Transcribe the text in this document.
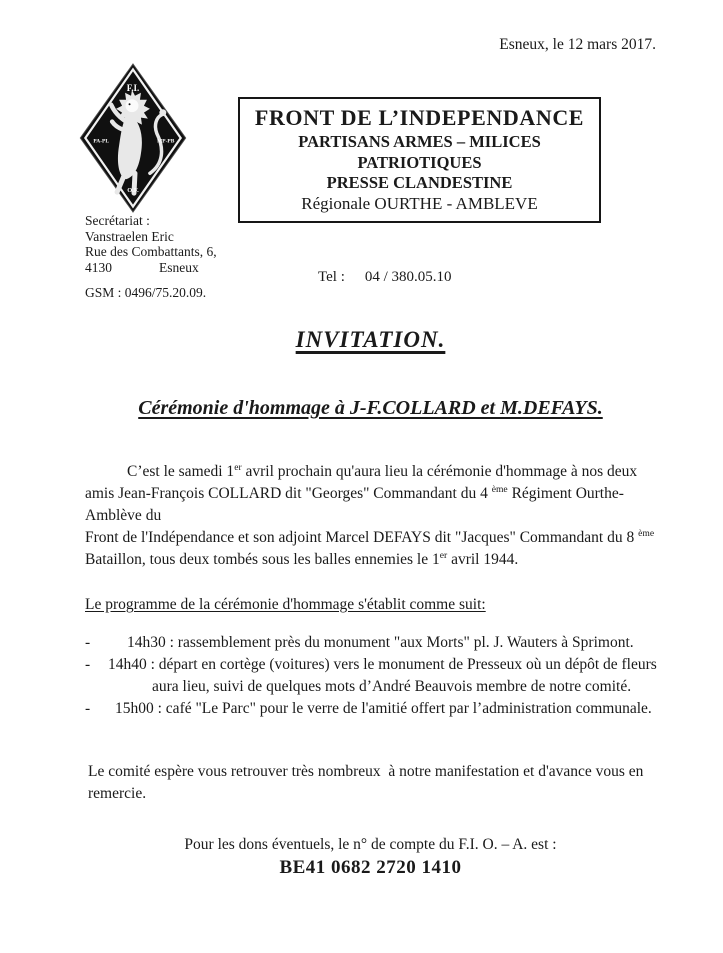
Esneux, le 12 mars 2017.
F.I.
PA-PL	MP-PB
O.F.
FRONT DE L’INDEPENDANCE
PARTISANS ARMES – MILICES PATRIOTIQUES
PRESSE CLANDESTINE
Régionale OURTHE - AMBLEVE
Secrétariat :
Vanstraelen Eric
Rue des Combattants, 6,
4130	Esneux
GSM : 0496/75.20.09.
Tel : 04 / 380.05.10
INVITATION.
Cérémonie d'hommage à J-F.COLLARD et M.DEFAYS.
C’est le samedi 1er avril prochain qu'aura lieu la cérémonie d'hommage à nos deux amis Jean-François COLLARD dit "Georges" Commandant du 4 $^{ème}$ Régiment Ourthe-Amblève du
Front de l'Indépendance et son adjoint Marcel DEFAYS dit "Jacques" Commandant du 8 $^{ème}$ Bataillon, tous deux tombés sous les balles ennemies le 1er avril 1944.
Le programme de la cérémonie d'hommage s'établit comme suit:
-	14h30 : rassemblement près du monument "aux Morts" pl. J. Wauters à Sprimont.
-	14h40 : départ en cortège (voitures) vers le monument de Presseux où un dépôt de fleurs
aura lieu, suivi de quelques mots d’André Beauvois membre de notre comité.
-	15h00 : café "Le Parc" pour le verre de l'amitié offert par l’administration communale.
Le comité espère vous retrouver très nombreux  à notre manifestation et d'avance vous en remercie.
Pour les dons éventuels, le n° de compte du F.I. O. – A. est :
BE41 0682 2720 1410
